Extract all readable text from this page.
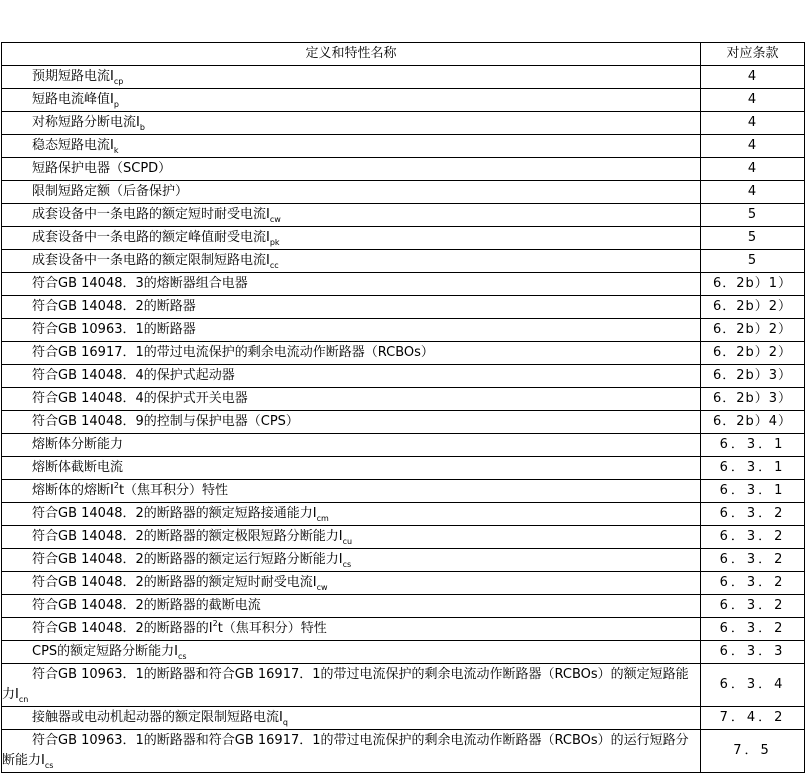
定义和特性名称	对应条款
预期短路电流$I_{cp}$	4
短路电流峰值$I_p$	4
对称短路分断电流$I_b$	4
稳态短路电流$I_k$	4
短路保护电器（SCPD）	4
限制短路定额（后备保护）	4
成套设备中一条电路的额定短时耐受电流$I_{cw}$	5
成套设备中一条电路的额定峰值耐受电流$I_{pk}$	5
成套设备中一条电路的额定限制短路电流$I_{cc}$	5
符合GB 14048．3的熔断器组合电器	6．2b）1）
符合GB 14048．2的断路器	6．2b）2）
符合GB 10963．1的断路器	6．2b）2）
符合GB 16917．1的带过电流保护的剩余电流动作断路器（RCBOs）	6．2b）2）
符合GB 14048．4的保护式起动器	6．2b）3）
符合GB 14048．4的保护式开关电器	6．2b）3）
符合GB 14048．9的控制与保护电器（CPS）	6．2b）4）
熔断体分断能力	6．3．1
熔断体截断电流	6．3．1
熔断体的熔断$I^2t$（焦耳积分）特性	6．3．1
符合GB 14048．2的断路器的额定短路接通能力$I_{cm}$	6．3．2
符合GB 14048．2的断路器的额定极限短路分断能力$I_{cu}$	6．3．2
符合GB 14048．2的断路器的额定运行短路分断能力$I_{cs}$	6．3．2
符合GB 14048．2的断路器的额定短时耐受电流$I_{cw}$	6．3．2
符合GB 14048．2的断路器的截断电流	6．3．2
符合GB 14048．2的断路器的$I^2t$（焦耳积分）特性	6．3．2
CPS的额定短路分断能力$I_{cs}$	6．3．3
符合GB 10963．1的断路器和符合GB 16917．1的带过电流保护的剩余电流动作断路器（RCBOs）的额定短路能力$I_{cn}$	6．3．4
接触器或电动机起动器的额定限制短路电流$I_q$	7．4．2
符合GB 10963．1的断路器和符合GB 16917．1的带过电流保护的剩余电流动作断路器（RCBOs）的运行短路分断能力$I_{cs}$	7．5
